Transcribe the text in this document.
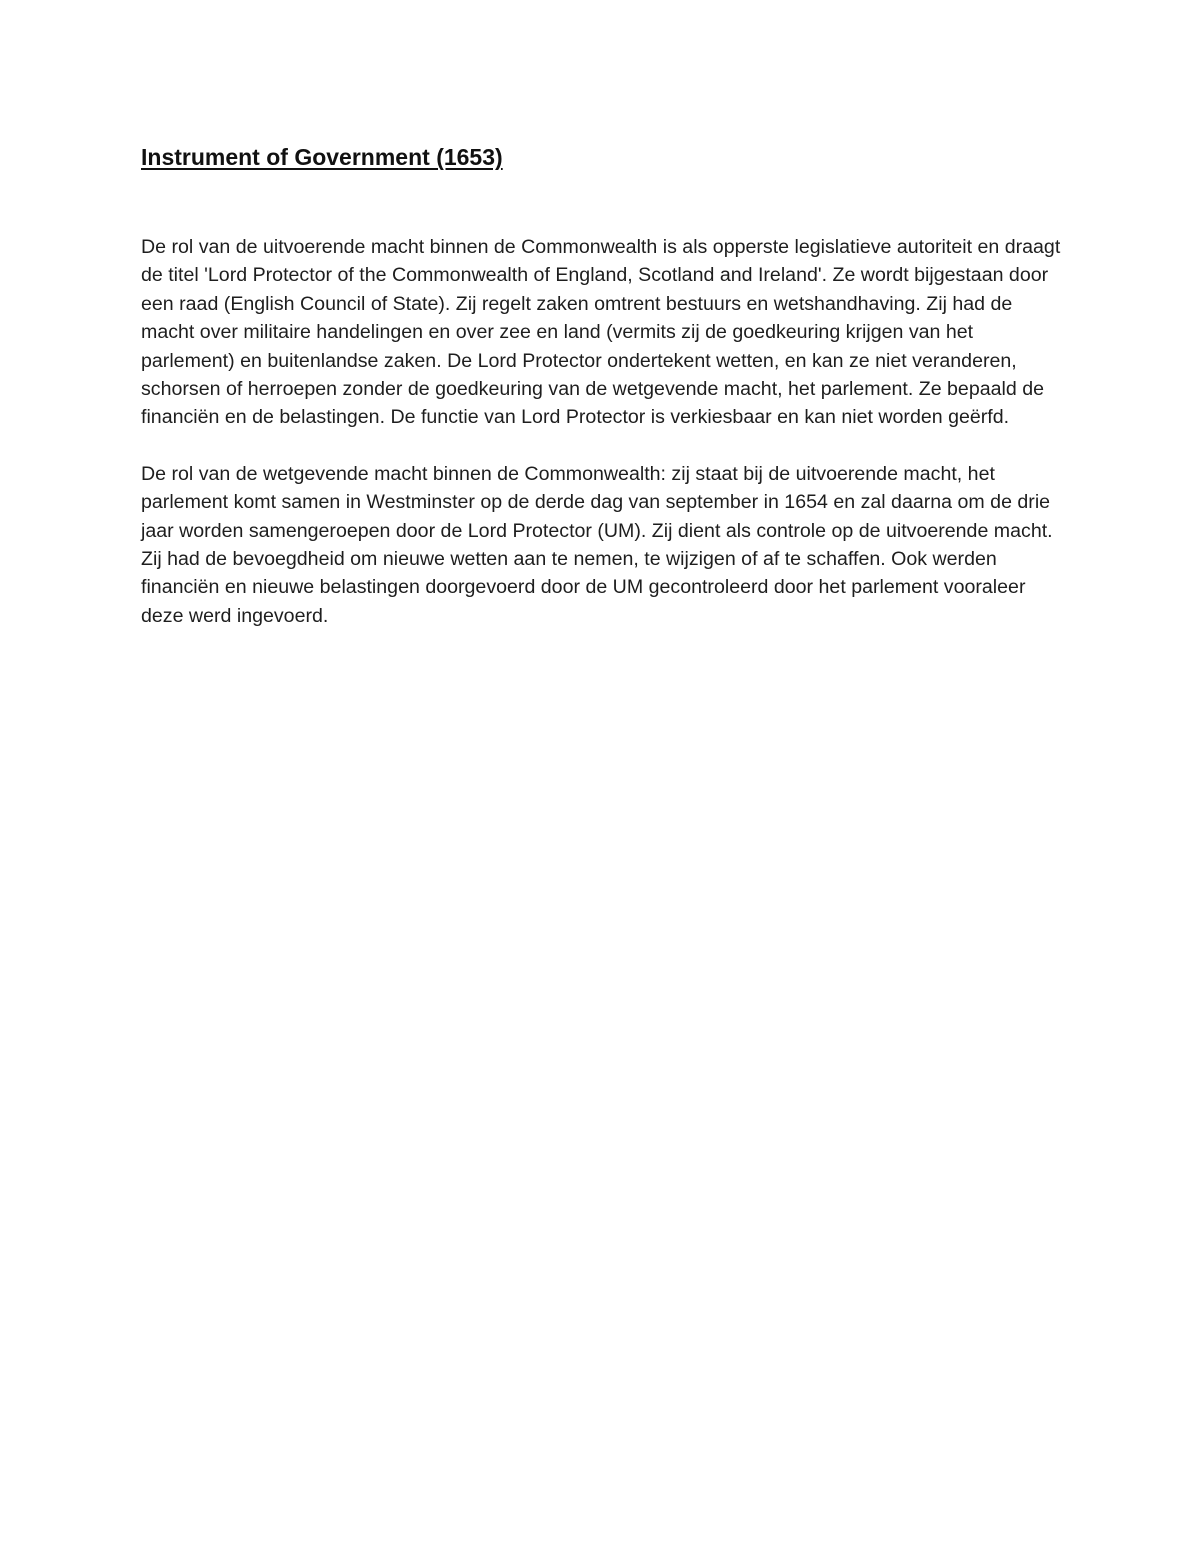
Instrument of Government (1653)

De rol van de uitvoerende macht binnen de Commonwealth is als opperste legislatieve autoriteit en draagt de titel 'Lord Protector of the Commonwealth of England, Scotland and Ireland'. Ze wordt bijgestaan door een raad (English Council of State). Zij regelt zaken omtrent bestuurs en wetshandhaving. Zij had de macht over militaire handelingen en over zee en land (vermits zij de goedkeuring krijgen van het parlement) en buitenlandse zaken. De Lord Protector ondertekent wetten, en kan ze niet veranderen, schorsen of herroepen zonder de goedkeuring van de wetgevende macht, het parlement. Ze bepaald de financiën en de belastingen. De functie van Lord Protector is verkiesbaar en kan niet worden geërfd.

De rol van de wetgevende macht binnen de Commonwealth: zij staat bij de uitvoerende macht, het parlement komt samen in Westminster op de derde dag van september in 1654 en zal daarna om de drie jaar worden samengeroepen door de Lord Protector (UM). Zij dient als controle op de uitvoerende macht. Zij had de bevoegdheid om nieuwe wetten aan te nemen, te wijzigen of af te schaffen. Ook werden financiën en nieuwe belastingen doorgevoerd door de UM gecontroleerd door het parlement vooraleer deze werd ingevoerd.
